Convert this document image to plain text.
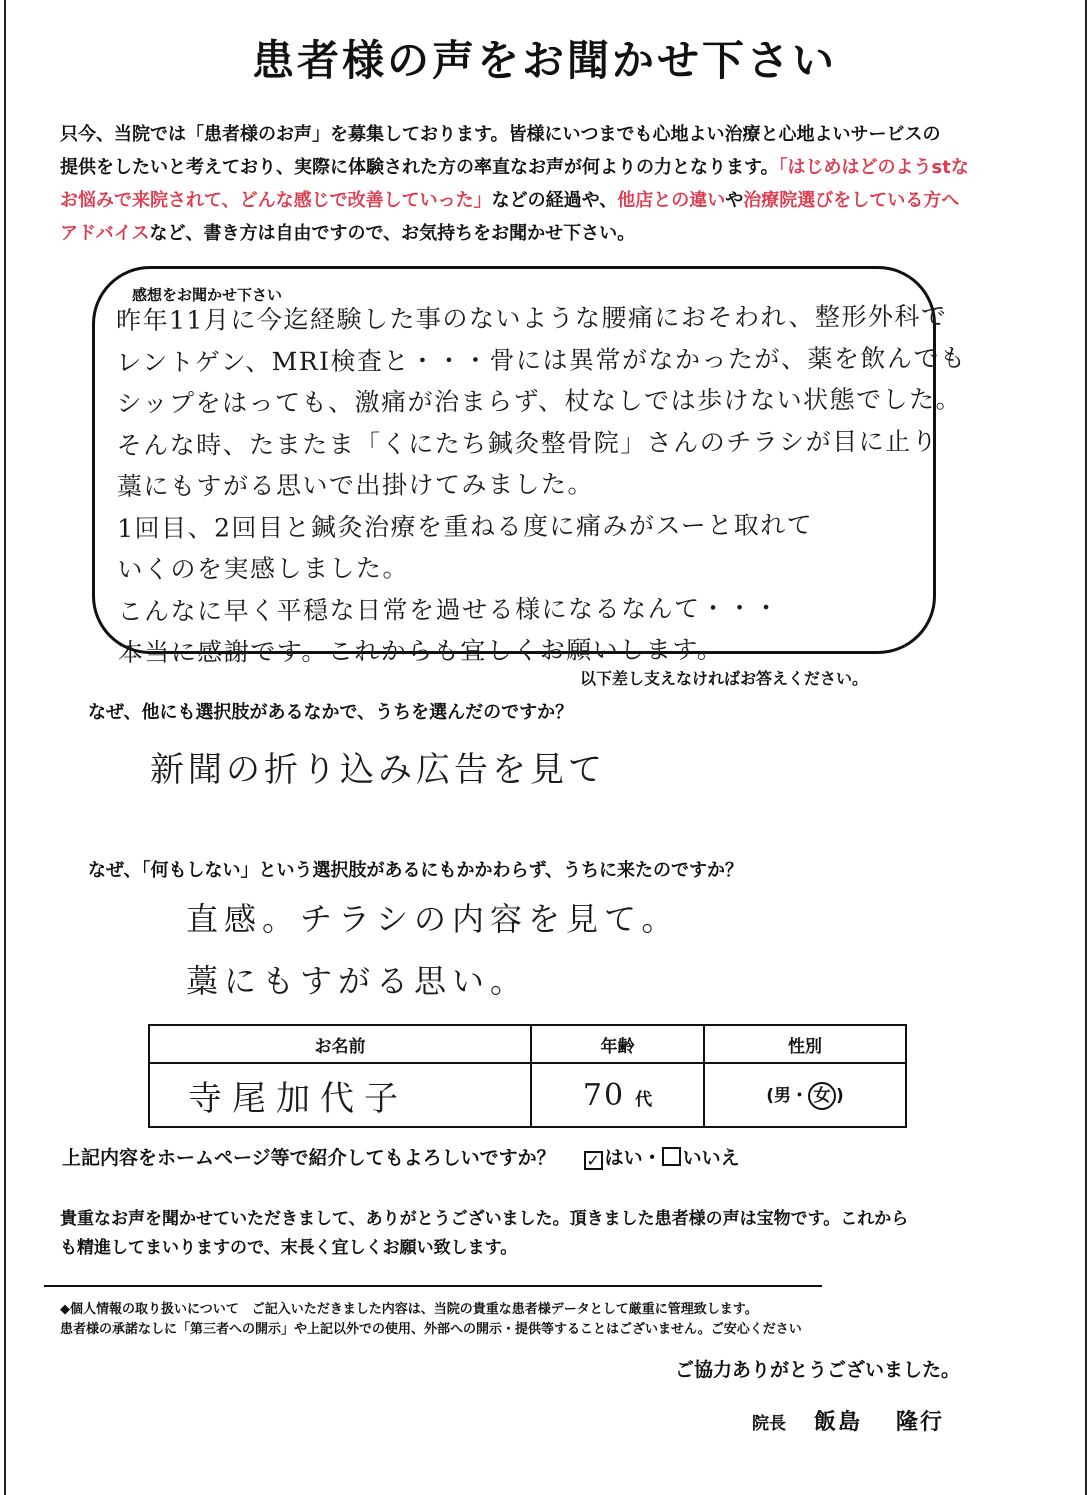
患者様の声をお聞かせ下さい
只今、当院では「患者様のお声」を募集しております。皆様にいつまでも心地よい治療と心地よいサービスの
提供をしたいと考えており、実際に体験された方の率直なお声が何よりの力となります。「はじめはどのようstな
お悩みで来院されて、どんな感じで改善していった」などの経過や、他店との違いや治療院選びをしている方へ
アドバイスなど、書き方は自由ですので、お気持ちをお聞かせ下さい。
感想をお聞かせ下さい
昨年11月に今迄経験した事のないような腰痛におそわれ、整形外科で
レントゲン、MRI検査と・・・骨には異常がなかったが、薬を飲んでも
シップをはっても、激痛が治まらず、杖なしでは歩けない状態でした。
そんな時、たまたま「くにたち鍼灸整骨院」さんのチラシが目に止り
藁にもすがる思いで出掛けてみました。
1回目、2回目と鍼灸治療を重ねる度に痛みがスーと取れて
いくのを実感しました。
こんなに早く平穏な日常を過せる様になるなんて・・・
本当に感謝です。これからも宜しくお願いします。
以下差し支えなければお答えください。
なぜ、他にも選択肢があるなかで、うちを選んだのですか？
新聞の折り込み広告を見て
なぜ、「何もしない」という選択肢があるにもかかわらず、うちに来たのですか？
直感。チラシの内容を見て。
藁にもすがる思い。
お名前	年齢	性別
寺尾加代子	70 代	(男・ 女 )
上記内容をホームページ等で紹介してもよろしいですか？ ✓ はい・ いいえ
貴重なお声を聞かせていただきまして、ありがとうございました。頂きました患者様の声は宝物です。これから
も精進してまいりますので、末長く宜しくお願い致します。
◆個人情報の取り扱いについて　ご記入いただきました内容は、当院の貴重な患者様データとして厳重に管理致します。
患者様の承諾なしに「第三者への開示」や上記以外での使用、外部への開示・提供等することはございません。ご安心ください
ご協力ありがとうございました。
院長 飯島 隆行
